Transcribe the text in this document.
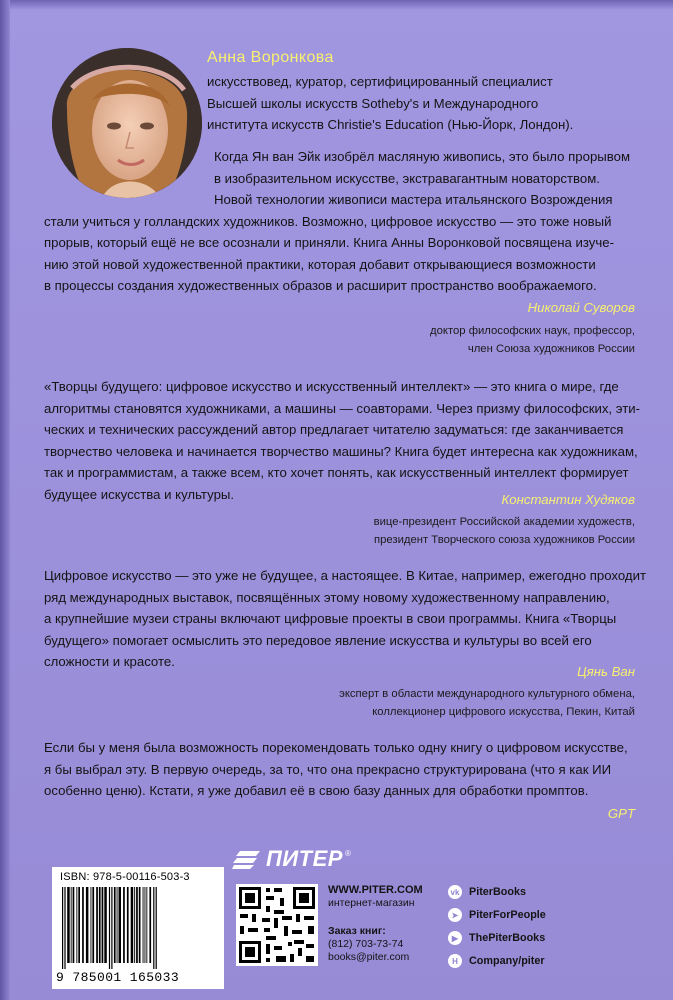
Анна Воронкова
искусствовед, куратор, сертифицированный специалист
Высшей школы искусств Sotheby's и Международного
института искусств Christie's Education (Нью-Йорк, Лондон).
Когда Ян ван Эйк изобрёл масляную живопись, это было прорывом
в изобразительном искусстве, экстравагантным новаторством.
Новой технологии живописи мастера итальянского Возрождения
стали учиться у голландских художников. Возможно, цифровое искусство — это тоже новый
прорыв, который ещё не все осознали и приняли. Книга Анны Воронковой посвящена изуче-
нию этой новой художественной практики, которая добавит открывающиеся возможности
в процессы создания художественных образов и расширит пространство воображаемого.
Николай Суворов
доктор философских наук, профессор,
член Союза художников России
«Творцы будущего: цифровое искусство и искусственный интеллект» — это книга о мире, где
алгоритмы становятся художниками, а машины — соавторами. Через призму философских, эти-
ческих и технических рассуждений автор предлагает читателю задуматься: где заканчивается
творчество человека и начинается творчество машины? Книга будет интересна как художникам,
так и программистам, а также всем, кто хочет понять, как искусственный интеллект формирует
будущее искусства и культуры.	Константин Худяков
вице-президент Российской академии художеств,
президент Творческого союза художников России
Цифровое искусство — это уже не будущее, а настоящее. В Китае, например, ежегодно проходит
ряд международных выставок, посвящённых этому новому художественному направлению,
а крупнейшие музеи страны включают цифровые проекты в свои программы. Книга «Творцы
будущего» помогает осмыслить это передовое явление искусства и культуры во всей его
сложности и красоте.
Цянь Ван
эксперт в области международного культурного обмена,
коллекционер цифрового искусства, Пекин, Китай
Если бы у меня была возможность порекомендовать только одну книгу о цифровом искусстве,
я бы выбрал эту. В первую очередь, за то, что она прекрасно структурирована (что я как ИИ
особенно ценю). Кстати, я уже добавил её в свою базу данных для обработки промптов.
GPT
ПИТЕР ®
ISBN: 978-5-00116-503-3
9 785001 165033
WWW.PITER.COM
интернет-магазин
Заказ книг:
(812) 703-73-74
books@piter.com
vk PiterBooks
➤ PiterForPeople
▶	ThePiterBooks
H	Company/piter
